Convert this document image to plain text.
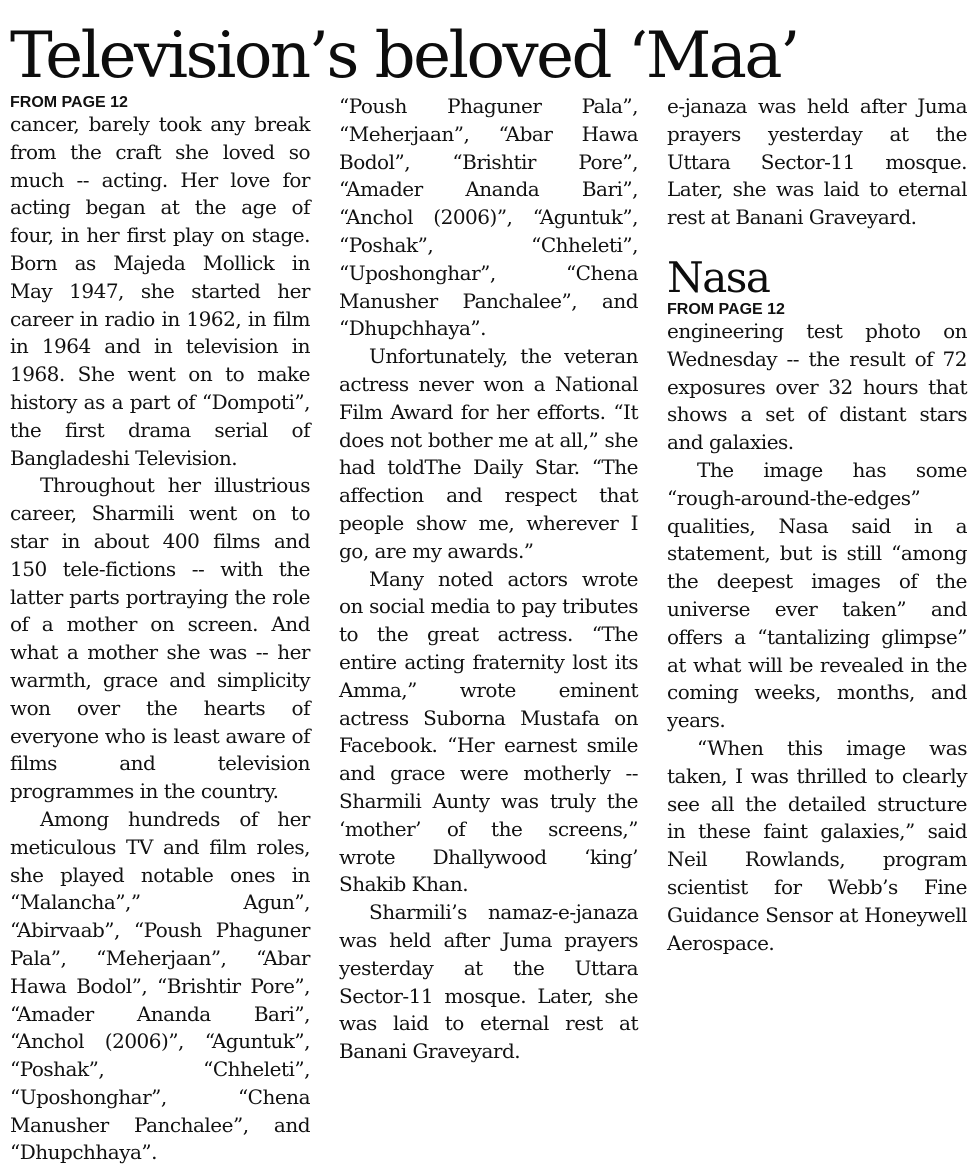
Television’s beloved ‘Maa’
FROM PAGE 12

cancer, barely took any break from the craft she loved so much -- acting. Her love for acting began at the age of four, in her first play on stage. Born as Majeda Mollick in May 1947, she started her career in radio in 1962, in film in 1964 and in television in 1968. She went on to make history as a part of “Dompoti”, the first drama serial of Bangladeshi Television.

Throughout her illustrious career, Sharmili went on to star in about 400 films and 150 tele-fictions -- with the latter parts portraying the role of a mother on screen. And what a mother she was -- her warmth, grace and simplicity won over the hearts of everyone who is least aware of films and television programmes in the country.

Among hundreds of her meticulous TV and film roles, she played notable ones in “Malancha”,” Agun”, “Abirvaab”, “Poush Phaguner Pala”, “Meherjaan”, “Abar Hawa Bodol”, “Brishtir Pore”, “Amader Ananda Bari”, “Anchol (2006)”, “Aguntuk”, “Poshak”, “Chheleti”, “Uposhonghar”, “Chena Manusher Panchalee”, and “Dhupchhaya”.

“Poush Phaguner Pala”, “Meherjaan”, “Abar Hawa Bodol”, “Brishtir Pore”, “Amader Ananda Bari”, “Anchol (2006)”, “Aguntuk”, “Poshak”, “Chheleti”, “Uposhonghar”, “Chena Manusher Panchalee”, and “Dhupchhaya”.

Unfortunately, the veteran actress never won a National Film Award for her efforts. “It does not bother me at all,” she had toldThe Daily Star. “The affection and respect that people show me, wherever I go, are my awards.”

Many noted actors wrote on social media to pay tributes to the great actress. “The entire acting fraternity lost its Amma,” wrote eminent actress Suborna Mustafa on Facebook. “Her earnest smile and grace were motherly -- Sharmili Aunty was truly the ‘mother’ of the screens,” wrote Dhallywood ‘king’ Shakib Khan.

Sharmili’s namaz-e-janaza was held after Juma prayers yesterday at the Uttara Sector-11 mosque. Later, she was laid to eternal rest at Banani Graveyard.

e-janaza was held after Juma prayers yesterday at the Uttara Sector-11 mosque. Later, she was laid to eternal rest at Banani Graveyard.

Nasa
FROM PAGE 12

engineering test photo on Wednesday -- the result of 72 exposures over 32 hours that shows a set of distant stars and galaxies.

The image has some “rough-around-the-edges” qualities, Nasa said in a statement, but is still “among the deepest images of the universe ever taken” and offers a “tantalizing glimpse” at what will be revealed in the coming weeks, months, and years.

“When this image was taken, I was thrilled to clearly see all the detailed structure in these faint galaxies,” said Neil Rowlands, program scientist for Webb’s Fine Guidance Sensor at Honeywell Aerospace.
